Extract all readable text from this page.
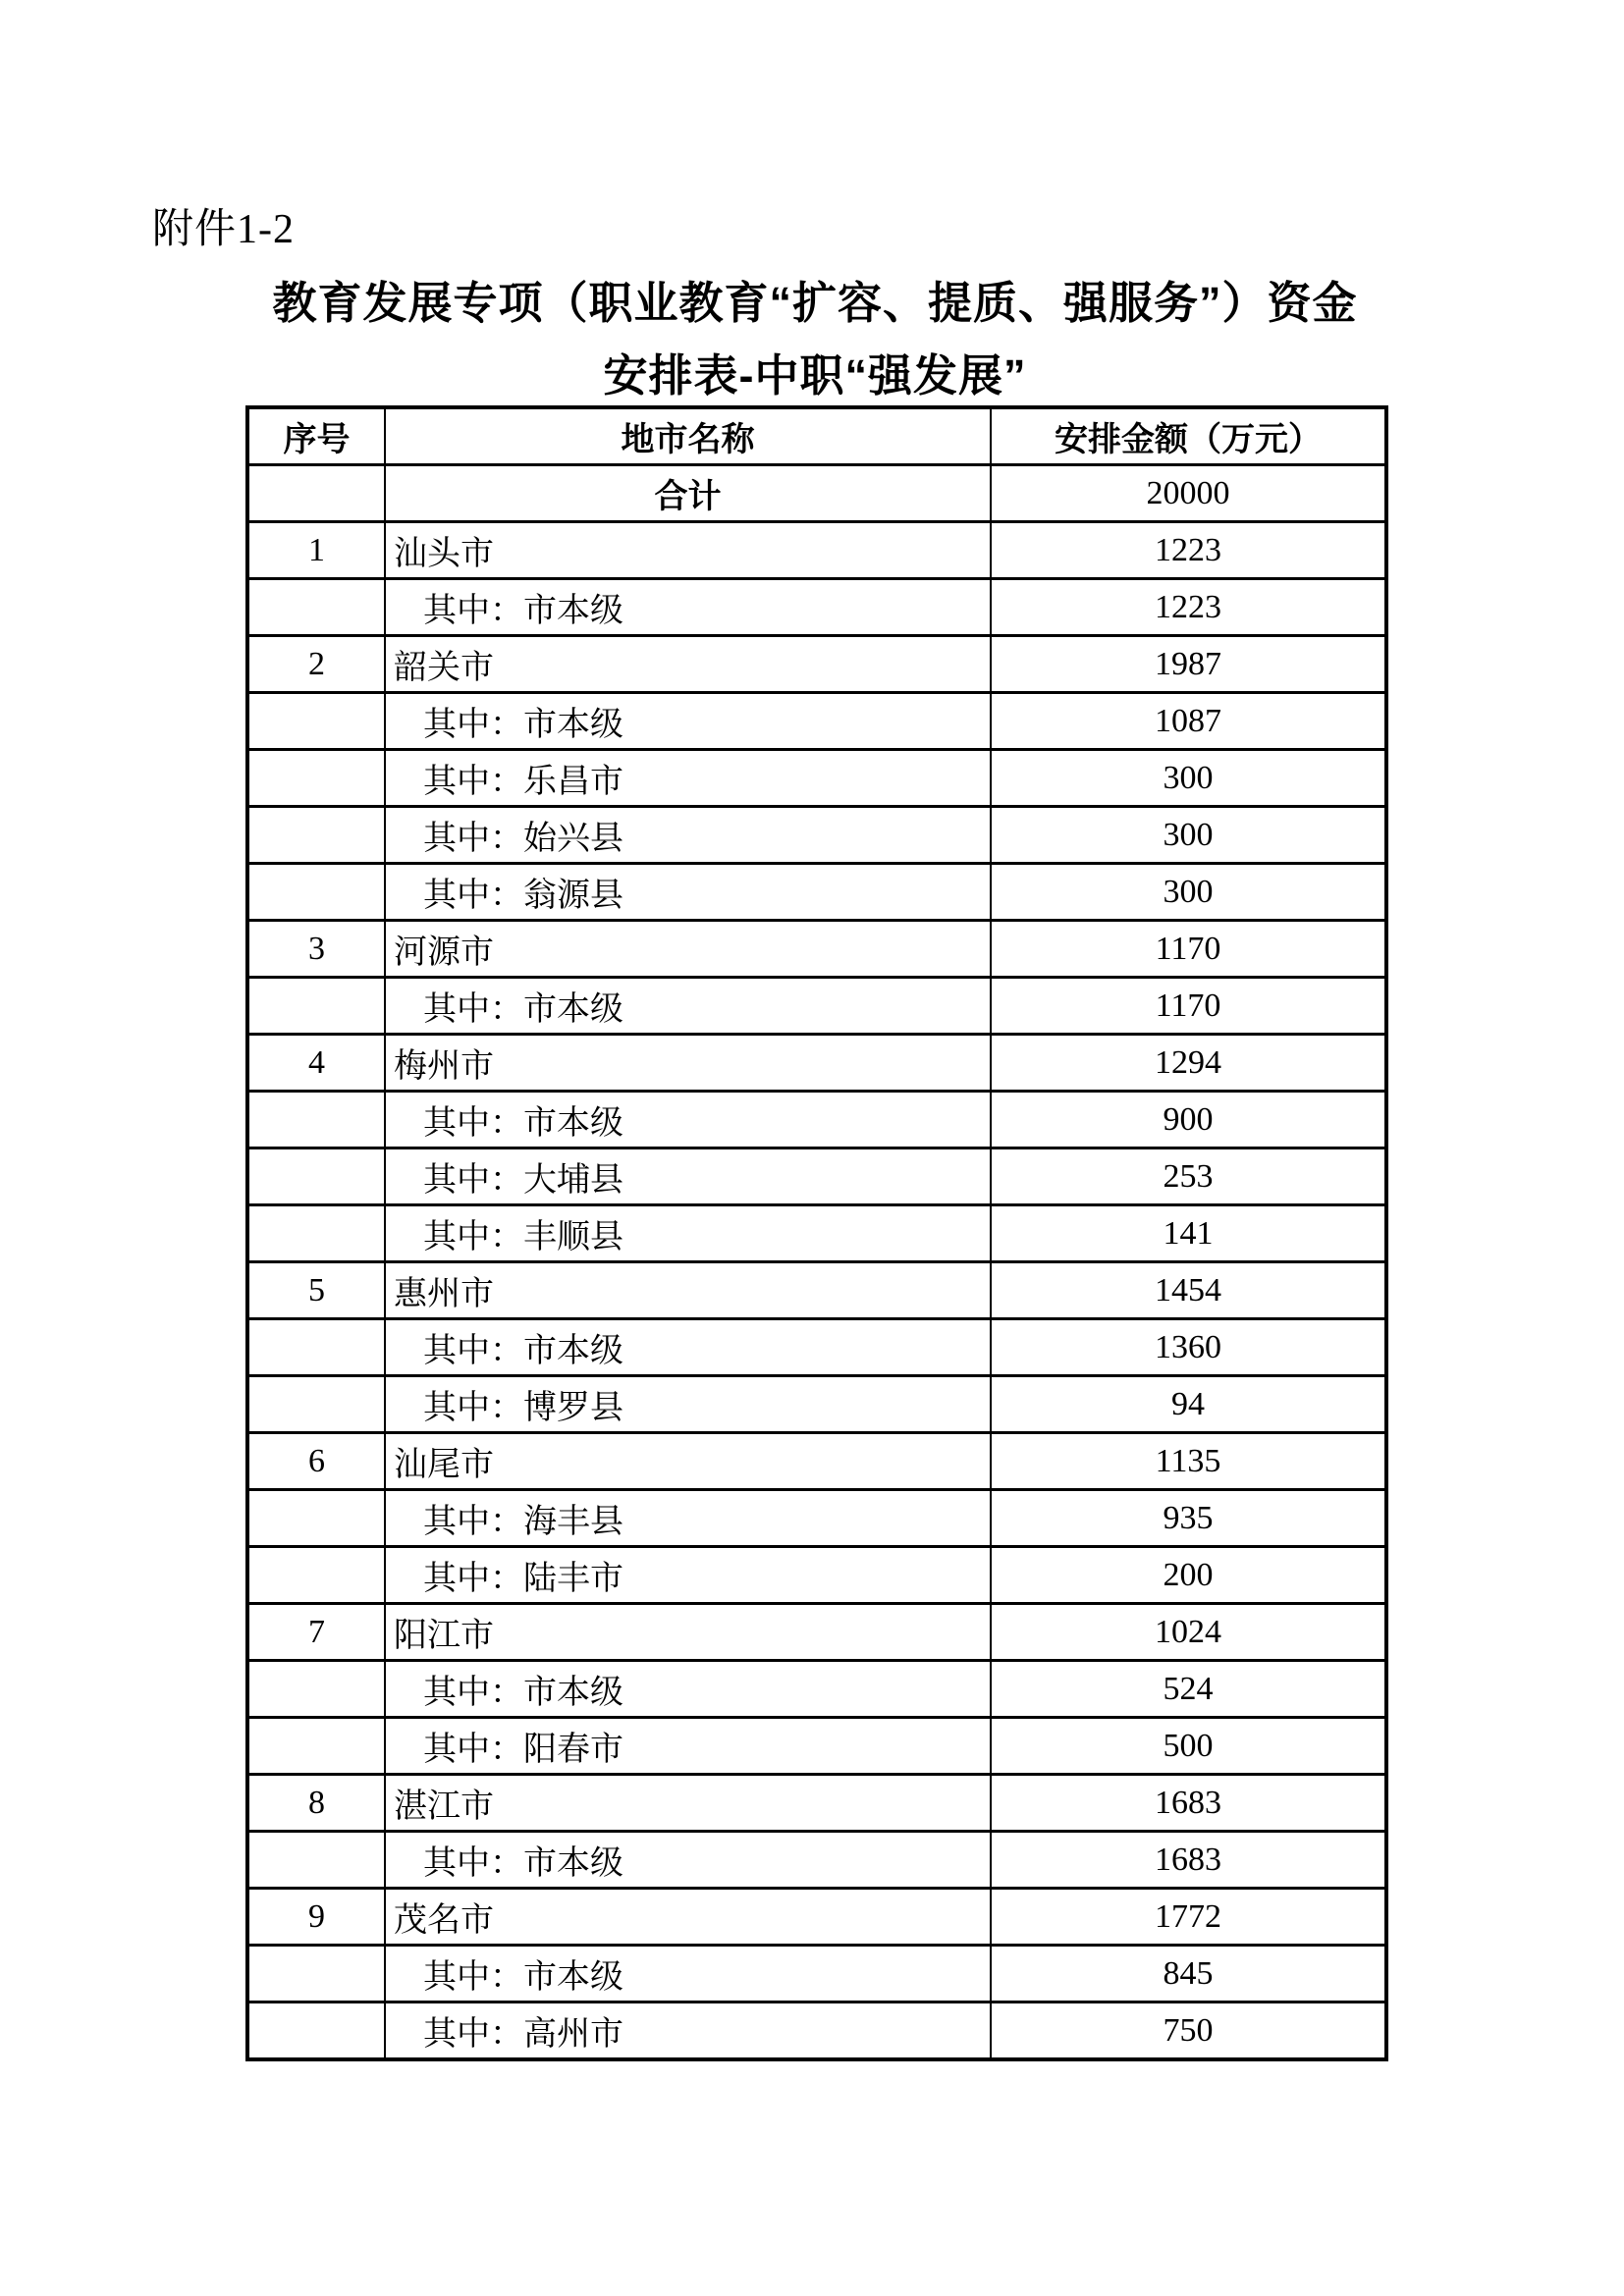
附件1-2
教育发展专项（职业教育“扩容、提质、强服务”）资金
安排表-中职“强发展”
序号	地市名称	安排金额（万元）
	合计	20000
1	汕头市	1223
	其中：市本级	1223
2	韶关市	1987
	其中：市本级	1087
	其中：乐昌市	300
	其中：始兴县	300
	其中：翁源县	300
3	河源市	1170
	其中：市本级	1170
4	梅州市	1294
	其中：市本级	900
	其中：大埔县	253
	其中：丰顺县	141
5	惠州市	1454
	其中：市本级	1360
	其中：博罗县	94
6	汕尾市	1135
	其中：海丰县	935
	其中：陆丰市	200
7	阳江市	1024
	其中：市本级	524
	其中：阳春市	500
8	湛江市	1683
	其中：市本级	1683
9	茂名市	1772
	其中：市本级	845
	其中：高州市	750
